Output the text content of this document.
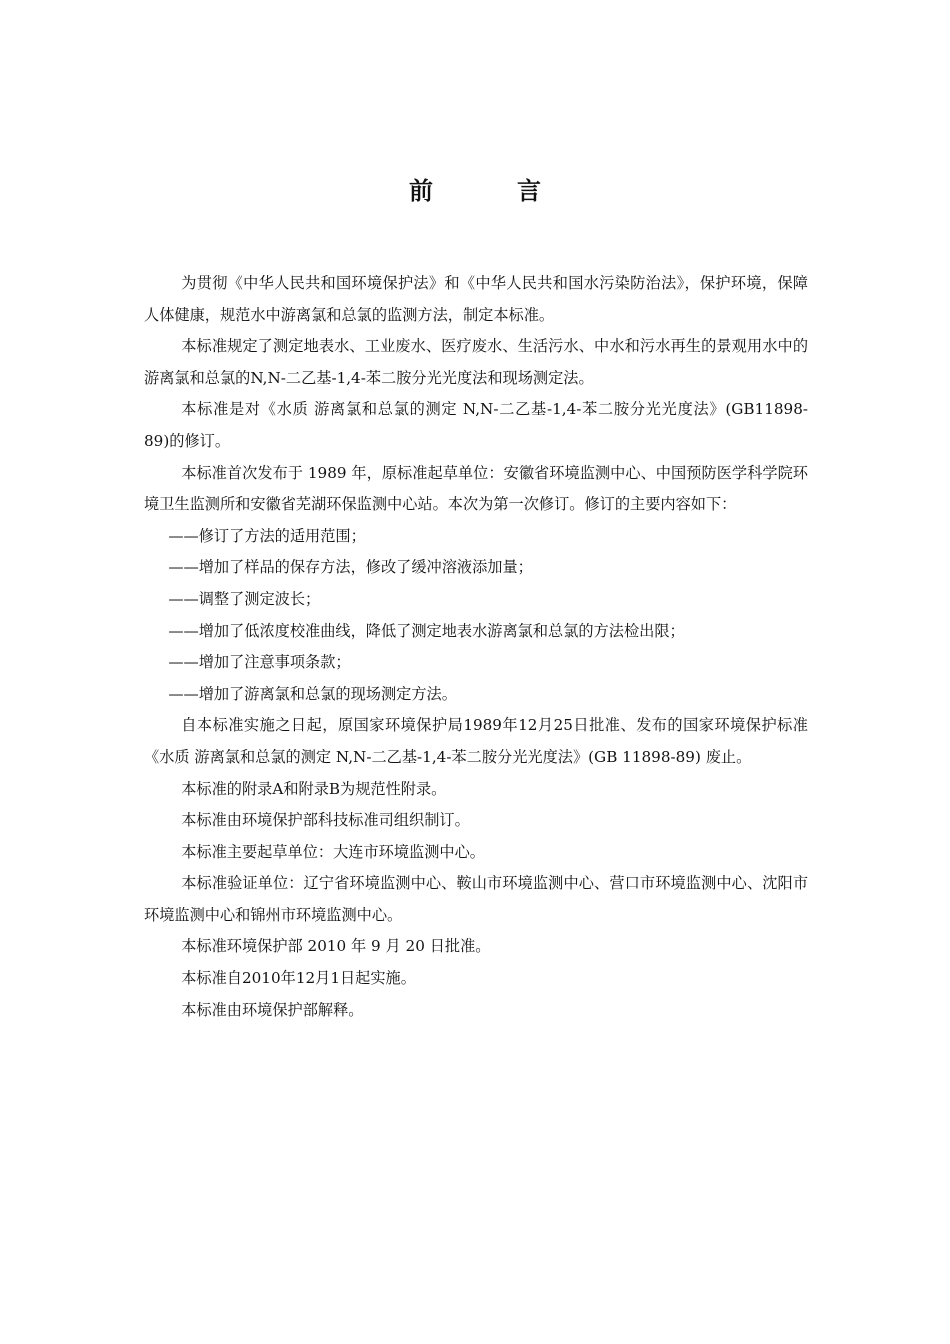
前　言

为贯彻《中华人民共和国环境保护法》和《中华人民共和国水污染防治法》，保护环境，保障人体健康，规范水中游离氯和总氯的监测方法，制定本标准。

本标准规定了测定地表水、工业废水、医疗废水、生活污水、中水和污水再生的景观用水中的游离氯和总氯的N,N-二乙基-1,4-苯二胺分光光度法和现场测定法。

本标准是对《水质 游离氯和总氯的测定 N,N-二乙基-1,4-苯二胺分光光度法》(GB11898-89)的修订。

本标准首次发布于 1989 年，原标准起草单位：安徽省环境监测中心、中国预防医学科学院环境卫生监测所和安徽省芜湖环保监测中心站。本次为第一次修订。修订的主要内容如下：

——修订了方法的适用范围；

——增加了样品的保存方法，修改了缓冲溶液添加量；

——调整了测定波长；

——增加了低浓度校准曲线，降低了测定地表水游离氯和总氯的方法检出限；

——增加了注意事项条款；

——增加了游离氯和总氯的现场测定方法。

自本标准实施之日起，原国家环境保护局1989年12月25日批准、发布的国家环境保护标准《水质 游离氯和总氯的测定 N,N-二乙基-1,4-苯二胺分光光度法》(GB 11898-89) 废止。

本标准的附录A和附录B为规范性附录。

本标准由环境保护部科技标准司组织制订。

本标准主要起草单位：大连市环境监测中心。

本标准验证单位：辽宁省环境监测中心、鞍山市环境监测中心、营口市环境监测中心、沈阳市环境监测中心和锦州市环境监测中心。

本标准环境保护部 2010 年 9 月 20 日批准。

本标准自2010年12月1日起实施。

本标准由环境保护部解释。
